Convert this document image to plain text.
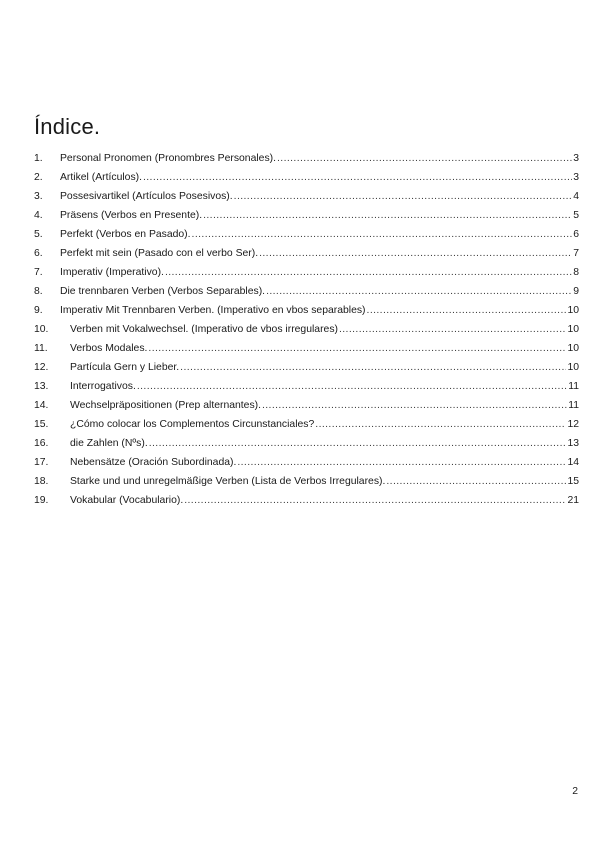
Índice.
1.	Personal Pronomen (Pronombres Personales). .....	3
2.	Artikel (Artículos). .....	3
3.	Possesivartikel (Artículos Posesivos). .....	4
4.	Präsens (Verbos en Presente). .....	5
5.	Perfekt (Verbos en Pasado). .....	6
6.	Perfekt mit sein (Pasado con el verbo Ser). .....	7
7.	Imperativ (Imperativo). .....	8
8.	Die trennbaren Verben (Verbos Separables). .....	9
9.	Imperativ Mit Trennbaren Verben. (Imperativo en vbos separables) .....	10
10.	Verben mit Vokalwechsel. (Imperativo de vbos irregulares) .....	10
11.	Verbos Modales. .....	10
12.	Partícula Gern y Lieber. .....	10
13.	Interrogativos. .....	11
14.	Wechselpräpositionen (Prep alternantes). .....	11
15.	¿Cómo colocar los Complementos Circunstanciales? .....	12
16.	die Zahlen (Nºs). .....	13
17.	Nebensätze (Oración Subordinada). .....	14
18.	Starke und und unregelmäßige Verben (Lista de Verbos Irregulares). .....	15
19.	Vokabular (Vocabulario). .....	21
2
